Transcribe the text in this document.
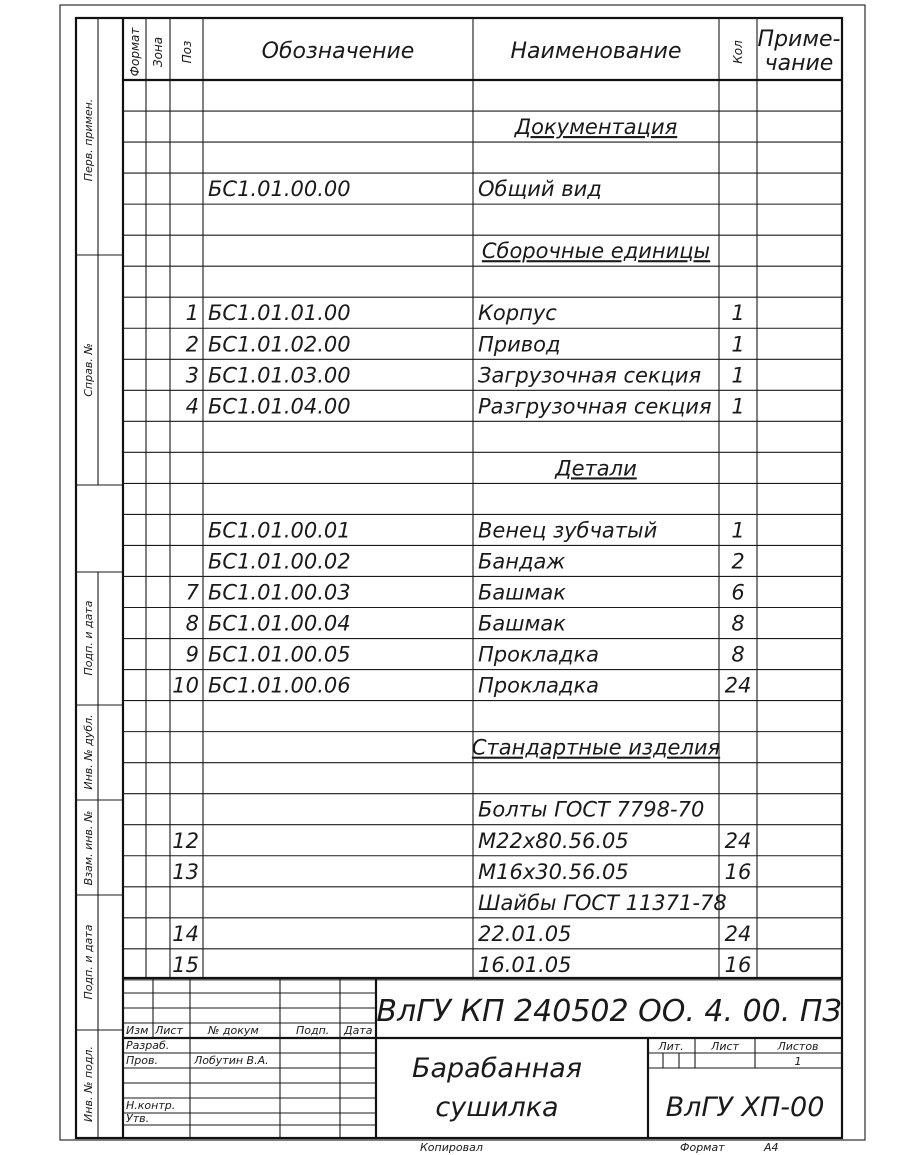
Перв. примен.
Справ. №
Подп. и дата
Инв. № дубл.
Взам. инв. №
Подп. и дата
Инв. № подл.
Формат Зона Поз	Обозначение	Наименование	Кол Приме-
чание
Документация
БС1.01.00.00	Общий вид
Сборочные единицы
1 БС1.01.01.00	Корпус	1
2 БС1.01.02.00	Привод	1
3 БС1.01.03.00	Загрузочная секция 1
4 БС1.01.04.00	Разгрузочная секция 1
Детали
БС1.01.00.01	Венец зубчатый	1
БС1.01.00.02	Бандаж	2
7 БС1.01.00.03	Башмак	6
8 БС1.01.00.04	Башмак	8
9 БС1.01.00.05	Прокладка	8
10 БС1.01.00.06	Прокладка	24
Стандартные изделия
Болты ГОСТ 7798-70
12	М22х80.56.05	24
13	М16х30.56.05	16
Шайбы ГОСТ 11371-78
14	22.01.05	24
15	16.01.05	16
ВлГУ КП 240502 ОО. 4. 00. ПЗ
Изм Лист № докум	Подп. Дата
Разраб.
Пров.	Лобутин В.А.
Н.контр.
Утв.
Барабанная
сушилка
Лит. Лист	Листов
1
ВлГУ ХП-00
Копировал	Формат	А4
